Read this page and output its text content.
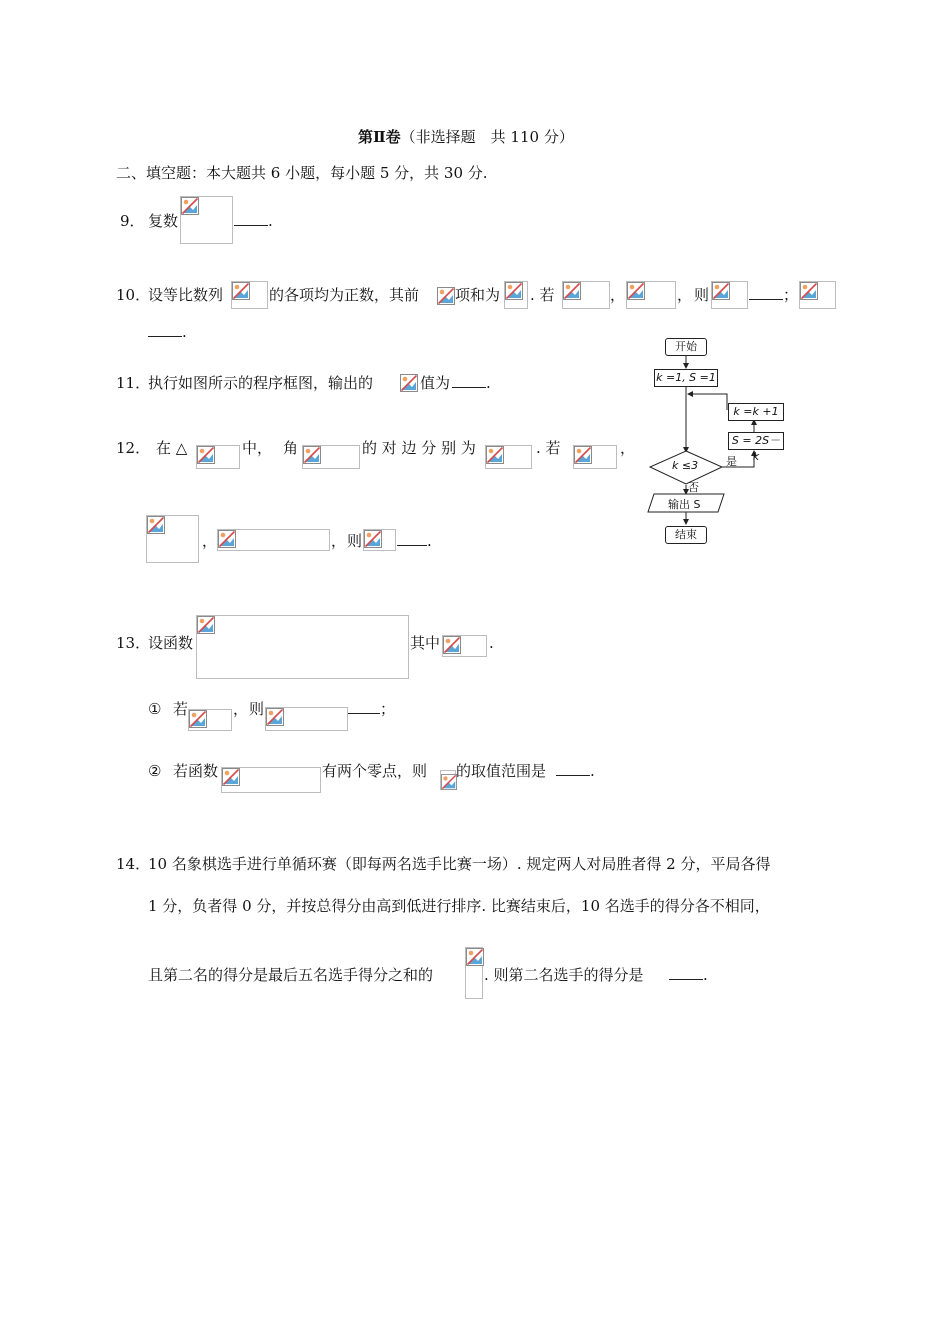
第Ⅱ卷（非选择题　共 110 分）
二、填空题：本大题共 6 小题，每小题 5 分，共 30 分.
9． 复数	.
10．
设等比数列	的各项均为正数，其前 项和为 . 若	，	， 则	；
.
11．
执行如图所示的程序框图，输出的	值为	.
12． 在 △	中， 角	的 对 边 分 别 为	. 若	，
，	， 则	.
开始
k =1, S =1
k =k +1
S = 2S－k
k ≤3	是
否
输出 S
结束
13．
设函数	其中	.
① 若	， 则	；
② 若函数	有两个零点，则 的取值范围是	.
14．
10 名象棋选手进行单循环赛（即每两名选手比赛一场）. 规定两人对局胜者得 2 分，平局各得
1 分，负者得 0 分，并按总得分由高到低进行排序. 比赛结束后，10 名选手的得分各不相同，
且第二名的得分是最后五名选手得分之和的	. 则第二名选手的得分是	.
